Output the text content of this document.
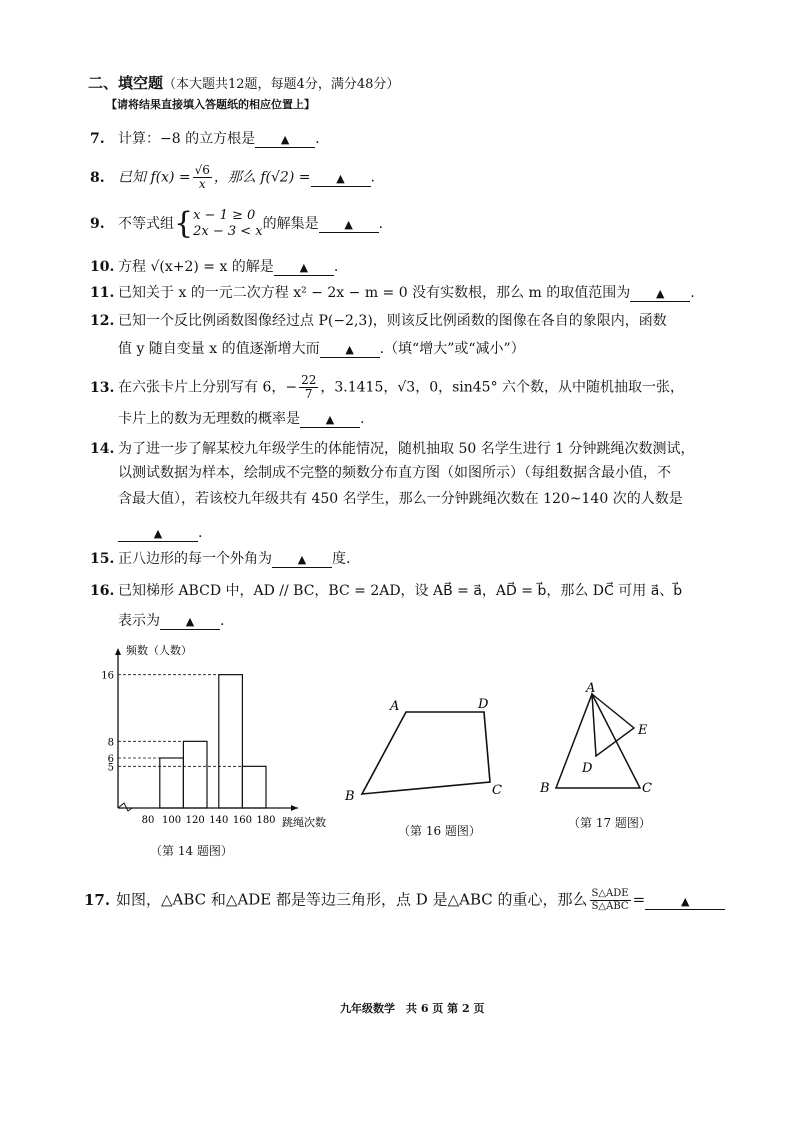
二、填空题（本大题共12题，每题4分，满分48分）
【请将结果直接填入答题纸的相应位置上】
7. 计算：−8 的立方根是 ▲ .
8. 已知 $f(x) = \frac{√6}{x}$ ，那么 f(√2) = ▲ .
9. 不等式组 { x − 1 ≥ 0
2x − 3 < x 的解集是 ▲ .
10. 方程 √(x+2) = x 的解是 ▲ .
11. 已知关于 x 的一元二次方程 x² − 2x − m = 0 没有实数根，那么 m 的取值范围为 ▲ .
12. 已知一个反比例函数图像经过点 P(−2,3)，则该反比例函数的图像在各自的象限内，函数
值 y 随自变量 x 的值逐渐增大而 ▲ .（填“增大”或“减小”）
13. 在六张卡片上分别写有 6，− $\frac{22}{7}$ ，3.1415，√3，0，sin45° 六个数，从中随机抽取一张，
卡片上的数为无理数的概率是 ▲ .
14. 为了进一步了解某校九年级学生的体能情况，随机抽取 50 名学生进行 1 分钟跳绳次数测试，
以测试数据为样本，绘制成不完整的频数分布直方图（如图所示）（每组数据含最小值，不
含最大值），若该校九年级共有 450 名学生，那么一分钟跳绳次数在 120~140 次的人数是
▲	.
15. 正八边形的每一个外角为 ▲ 度.
16. 已知梯形 ABCD 中，AD // BC，BC = 2AD，设 AB⃗ = a⃗，AD⃗ = b⃗，那么 DC⃗ 可用 a⃗、b⃗
表示为 ▲ .
16
8
6
5
80 100 120 140 160 180
频数（人数）
跳绳次数
（第 14 题图）
A	D
B	C
（第 16 题图）
A
B	C
D
E
（第 17 题图）
17. 如图，△ABC 和△ADE 都是等边三角形，点 D 是△ABC 的重心，那么 $\frac{\text{S△ADE}}{\text{S△ABC}}$ =	▲
九年级数学　共 6 页 第 2 页
